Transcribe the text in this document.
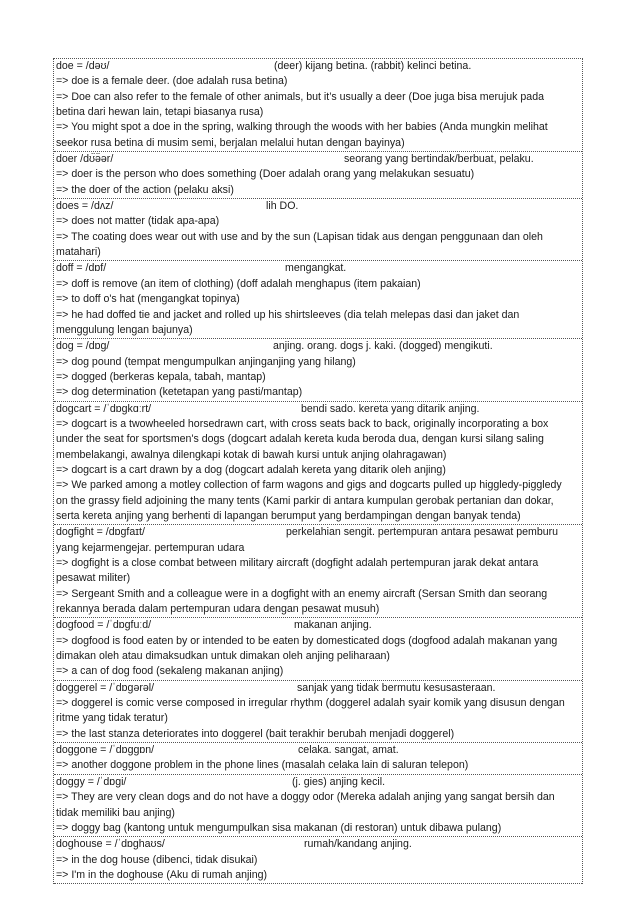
doe = /dəʊ/	(deer) kijang betina. (rabbit) kelinci betina.
=> doe is a female deer. (doe adalah rusa betina)
=> Doe can also refer to the female of other animals, but it’s usually a deer (Doe juga bisa merujuk pada
betina dari hewan lain, tetapi biasanya rusa)
=> You might spot a doe in the spring, walking through the woods with her babies (Anda mungkin melihat
seekor rusa betina di musim semi, berjalan melalui hutan dengan bayinya)
doer /dʊ̈ə̈ər/	seorang yang bertindak/berbuat, pelaku.
=> doer is the person who does something (Doer adalah orang yang melakukan sesuatu)
=> the doer of the action (pelaku aksi)
does = /dʌz/	lih DO.
=> does not matter (tidak apa-apa)
=> The coating does wear out with use and by the sun (Lapisan tidak aus dengan penggunaan dan oleh
matahari)
doff = /dɒf/	mengangkat.
=> doff is remove (an item of clothing) (doff adalah menghapus (item pakaian)
=> to doff o's hat (mengangkat topinya)
=> he had doffed tie and jacket and rolled up his shirtsleeves (dia telah melepas dasi dan jaket dan
menggulung lengan bajunya)
dog = /dɒg/	anjing. orang. dogs j. kaki. (dogged) mengikuti.
=> dog pound (tempat mengumpulkan anjinganjing yang hilang)
=> dogged (berkeras kepala, tabah, mantap)
=> dog determination (ketetapan yang pasti/mantap)
dogcart = /ˈdɒgkɑːrt/	bendi sado. kereta yang ditarik anjing.
=> dogcart is a twowheeled horsedrawn cart, with cross seats back to back, originally incorporating a box
under the seat for sportsmen's dogs (dogcart adalah kereta kuda beroda dua, dengan kursi silang saling
membelakangi, awalnya dilengkapi kotak di bawah kursi untuk anjing olahragawan)
=> dogcart is a cart drawn by a dog (dogcart adalah kereta yang ditarik oleh anjing)
=> We parked among a motley collection of farm wagons and gigs and dogcarts pulled up higgledy-piggledy
on the grassy field adjoining the many tents (Kami parkir di antara kumpulan gerobak pertanian dan dokar,
serta kereta anjing yang berhenti di lapangan berumput yang berdampingan dengan banyak tenda)
dogfight = /dɒgfaɪt/	perkelahian sengit. pertempuran antara pesawat pemburu
yang kejarmengejar. pertempuran udara
=> dogfight is a close combat between military aircraft (dogfight adalah pertempuran jarak dekat antara
pesawat militer)
=> Sergeant Smith and a colleague were in a dogfight with an enemy aircraft (Sersan Smith dan seorang
rekannya berada dalam pertempuran udara dengan pesawat musuh)
dogfood = /ˈdɒgfuːd/	makanan anjing.
=> dogfood is food eaten by or intended to be eaten by domesticated dogs (dogfood adalah makanan yang
dimakan oleh atau dimaksudkan untuk dimakan oleh anjing peliharaan)
=> a can of dog food (sekaleng makanan anjing)
doggerel = /ˈdɒgərəl/	sanjak yang tidak bermutu kesusasteraan.
=> doggerel is comic verse composed in irregular rhythm (doggerel adalah syair komik yang disusun dengan
ritme yang tidak teratur)
=> the last stanza deteriorates into doggerel (bait terakhir berubah menjadi doggerel)
doggone = /ˈdɒggɒn/	celaka. sangat, amat.
=> another doggone problem in the phone lines (masalah celaka lain di saluran telepon)
doggy = /ˈdɒgi/	(j. gies) anjing kecil.
=> They are very clean dogs and do not have a doggy odor (Mereka adalah anjing yang sangat bersih dan
tidak memiliki bau anjing)
=> doggy bag (kantong untuk mengumpulkan sisa makanan (di restoran) untuk dibawa pulang)
doghouse = /ˈdɒghaʊs/	rumah/kandang anjing.
=> in the dog house (dibenci, tidak disukai)
=> I'm in the doghouse (Aku di rumah anjing)
